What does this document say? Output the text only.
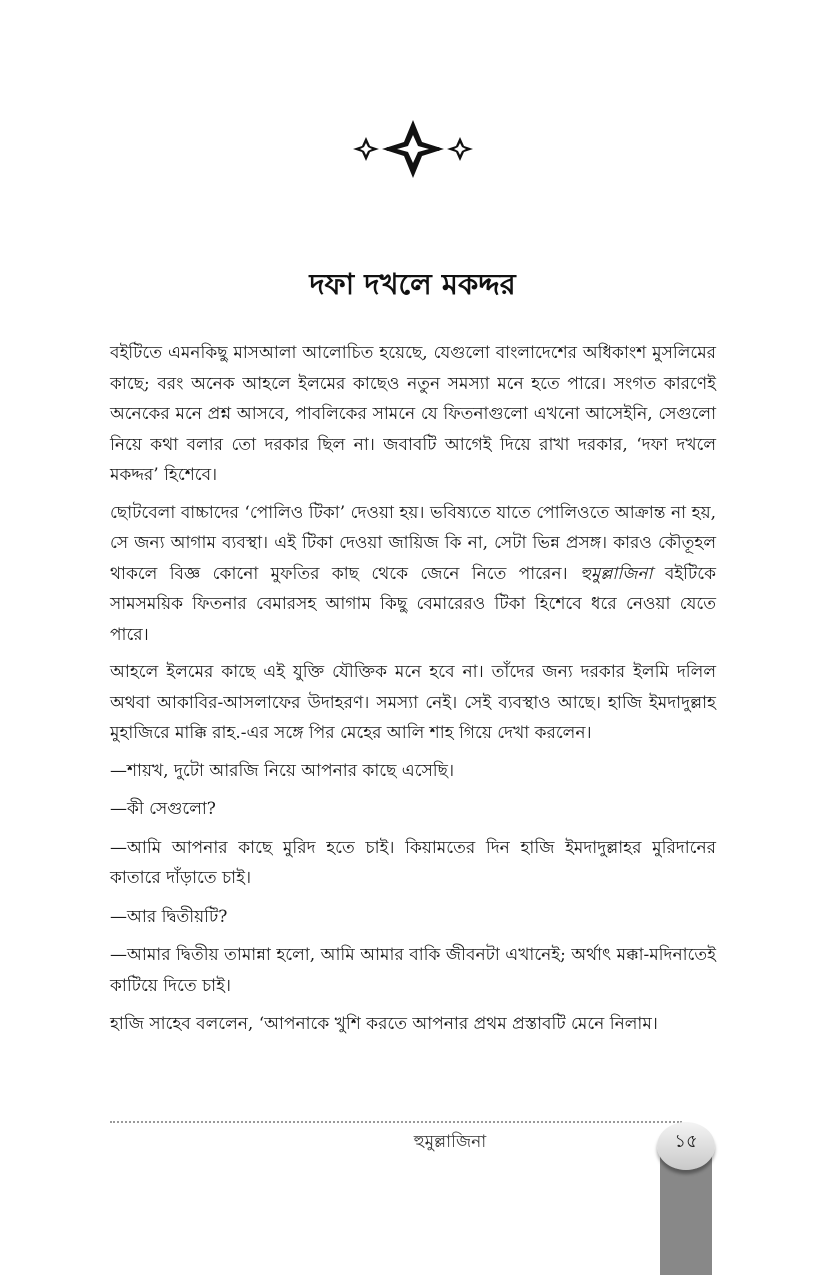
দফা দখলে মকদ্দর

বইটিতে এমনকিছু মাসআলা আলোচিত হয়েছে, যেগুলো বাংলাদেশের অধিকাংশ মুসলিমের কাছে; বরং অনেক আহলে ইলমের কাছেও নতুন সমস্যা মনে হতে পারে। সংগত কারণেই অনেকের মনে প্রশ্ন আসবে, পাবলিকের সামনে যে ফিতনাগুলো এখনো আসেইনি, সেগুলো নিয়ে কথা বলার তো দরকার ছিল না। জবাবটি আগেই দিয়ে রাখা দরকার, ‘দফা দখলে মকদ্দর’ হিশেবে।

ছোটবেলা বাচ্চাদের ‘পোলিও টিকা’ দেওয়া হয়। ভবিষ্যতে যাতে পোলিওতে আক্রান্ত না হয়, সে জন্য আগাম ব্যবস্থা। এই টিকা দেওয়া জায়িজ কি না, সেটা ভিন্ন প্রসঙ্গ। কারও কৌতূহল থাকলে বিজ্ঞ কোনো মুফতির কাছ থেকে জেনে নিতে পারেন। হুমুল্লাজিনা বইটিকে সামসময়িক ফিতনার বেমারসহ আগাম কিছু বেমারেরও টিকা হিশেবে ধরে নেওয়া যেতে পারে।

আহলে ইলমের কাছে এই যুক্তি যৌক্তিক মনে হবে না। তাঁদের জন্য দরকার ইলমি দলিল অথবা আকাবির-আসলাফের উদাহরণ। সমস্যা নেই। সেই ব্যবস্থাও আছে। হাজি ইমদাদুল্লাহ মুহাজিরে মাক্কি রাহ.-এর সঙ্গে পির মেহের আলি শাহ গিয়ে দেখা করলেন।

—শায়খ, দুটো আরজি নিয়ে আপনার কাছে এসেছি।

—কী সেগুলো?

—আমি আপনার কাছে মুরিদ হতে চাই। কিয়ামতের দিন হাজি ইমদাদুল্লাহর মুরিদানের কাতারে দাঁড়াতে চাই।

—আর দ্বিতীয়টি?

—আমার দ্বিতীয় তামান্না হলো, আমি আমার বাকি জীবনটা এখানেই; অর্থাৎ মক্কা-মদিনাতেই কাটিয়ে দিতে চাই।

হাজি সাহেব বললেন, ‘আপনাকে খুশি করতে আপনার প্রথম প্রস্তাবটি মেনে নিলাম।

হুমুল্লাজিনা	১৫
